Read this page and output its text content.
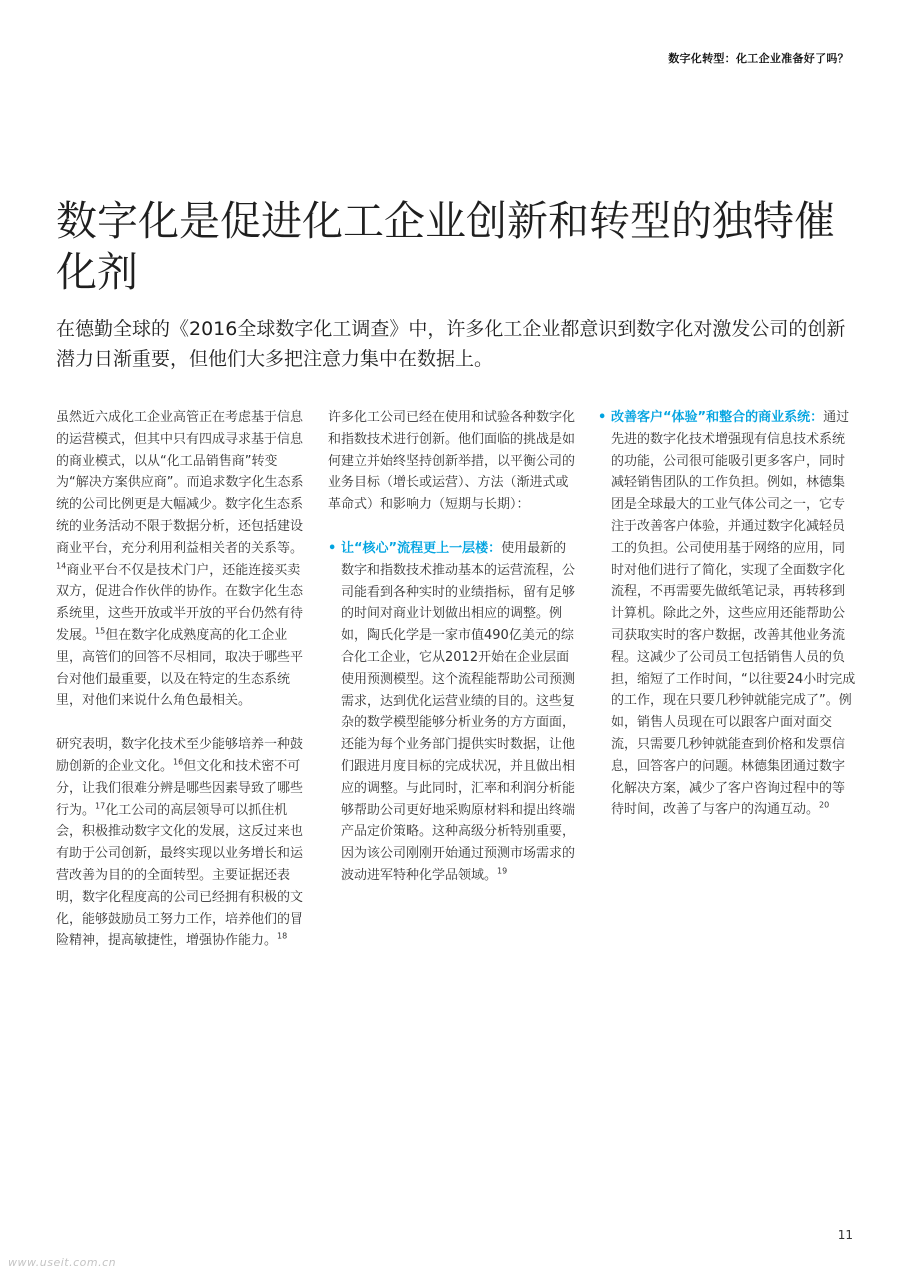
数字化转型：化工企业准备好了吗？
数字化是促进化工企业创新和转型的独特催化剂

在德勤全球的《2016全球数字化工调查》中，许多化工企业都意识到数字化对激发公司的创新潜力日渐重要，但他们大多把注意力集中在数据上。

虽然近六成化工企业高管正在考虑基于信息的运营模式，但其中只有四成寻求基于信息的商业模式，以从“化工品销售商”转变为“解决方案供应商”。而追求数字化生态系统的公司比例更是大幅减少。数字化生态系统的业务活动不限于数据分析，还包括建设商业平台，充分利用利益相关者的关系等。$^{14}$商业平台不仅是技术门户，还能连接买卖双方，促进合作伙伴的协作。在数字化生态系统里，这些开放或半开放的平台仍然有待发展。$^{15}$但在数字化成熟度高的化工企业里，高管们的回答不尽相同，取决于哪些平台对他们最重要，以及在特定的生态系统里，对他们来说什么角色最相关。

研究表明，数字化技术至少能够培养一种鼓励创新的企业文化。$^{16}$但文化和技术密不可分，让我们很难分辨是哪些因素导致了哪些行为。$^{17}$化工公司的高层领导可以抓住机会，积极推动数字文化的发展，这反过来也有助于公司创新，最终实现以业务增长和运营改善为目的的全面转型。主要证据还表明，数字化程度高的公司已经拥有积极的文化，能够鼓励员工努力工作，培养他们的冒险精神，提高敏捷性，增强协作能力。$^{18}$

许多化工公司已经在使用和试验各种数字化和指数技术进行创新。他们面临的挑战是如何建立并始终坚持创新举措，以平衡公司的业务目标（增长或运营）、方法（渐进式或革命式）和影响力（短期与长期）：

• 让“核心”流程更上一层楼：使用最新的数字和指数技术推动基本的运营流程，公司能看到各种实时的业绩指标，留有足够的时间对商业计划做出相应的调整。例如，陶氏化学是一家市值490亿美元的综合化工企业，它从2012开始在企业层面使用预测模型。这个流程能帮助公司预测需求，达到优化运营业绩的目的。这些复杂的数学模型能够分析业务的方方面面，还能为每个业务部门提供实时数据，让他们跟进月度目标的完成状况，并且做出相应的调整。与此同时，汇率和利润分析能够帮助公司更好地采购原材料和提出终端产品定价策略。这种高级分析特别重要，因为该公司刚刚开始通过预测市场需求的波动进军特种化学品领域。$^{19}$

• 改善客户“体验”和整合的商业系统：通过先进的数字化技术增强现有信息技术系统的功能，公司很可能吸引更多客户，同时减轻销售团队的工作负担。例如，林德集团是全球最大的工业气体公司之一，它专注于改善客户体验，并通过数字化减轻员工的负担。公司使用基于网络的应用，同时对他们进行了简化，实现了全面数字化流程，不再需要先做纸笔记录，再转移到计算机。除此之外，这些应用还能帮助公司获取实时的客户数据，改善其他业务流程。这减少了公司员工包括销售人员的负担，缩短了工作时间，“以往要24小时完成的工作，现在只要几秒钟就能完成了”。例如，销售人员现在可以跟客户面对面交流，只需要几秒钟就能查到价格和发票信息，回答客户的问题。林德集团通过数字化解决方案，减少了客户咨询过程中的等待时间，改善了与客户的沟通互动。$^{20}$

11
www.useit.com.cn
